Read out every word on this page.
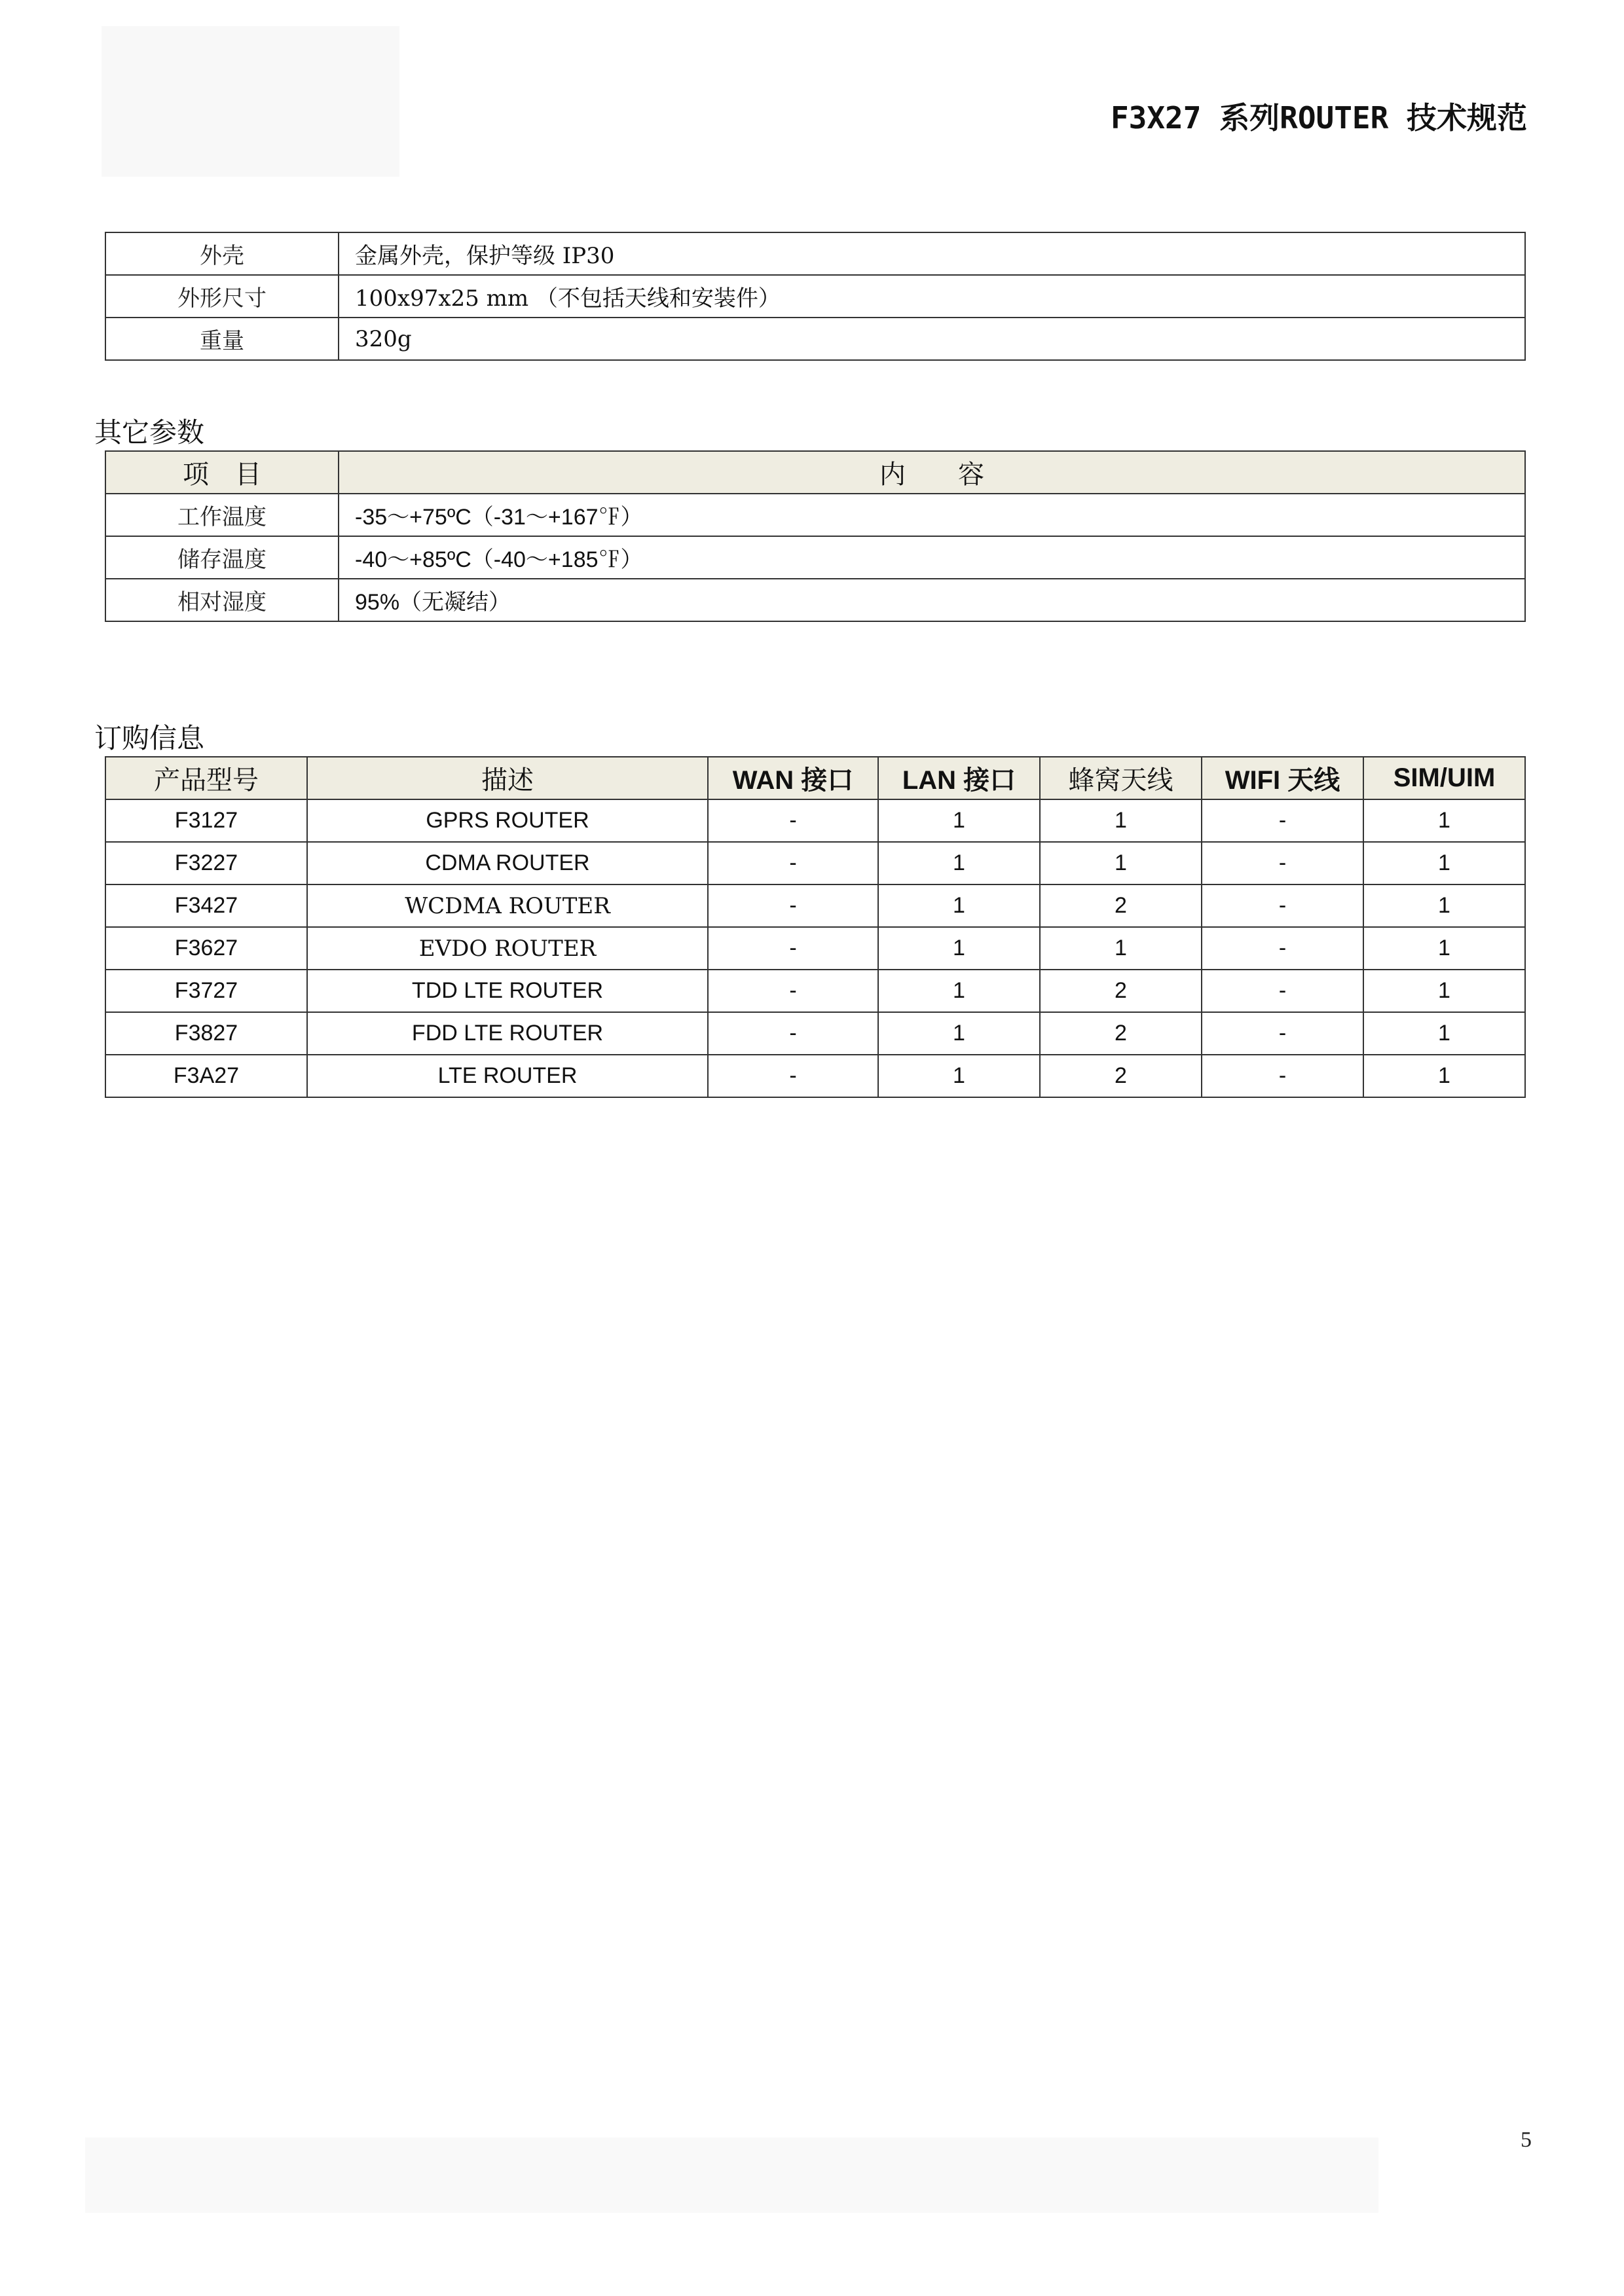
F3X27 系列ROUTER 技术规范
外壳	金属外壳，保护等级 IP30
外形尺寸	100x97x25 mm （不包括天线和安装件）
重量	320g
其它参数
项　目	内　　容
工作温度	-35～+75ºC（-31～+167℉）
储存温度	-40～+85ºC（-40～+185℉）
相对湿度	95%（无凝结）
订购信息
产品型号	描述	WAN 接口	LAN 接口	蜂窝天线	WIFI 天线	SIM/UIM
F3127	GPRS ROUTER	-	1	1	-	1
F3227	CDMA ROUTER	-	1	1	-	1
F3427	WCDMA ROUTER	-	1	2	-	1
F3627	EVDO ROUTER	-	1	1	-	1
F3727	TDD LTE ROUTER	-	1	2	-	1
F3827	FDD LTE ROUTER	-	1	2	-	1
F3A27	LTE ROUTER	-	1	2	-	1
5
